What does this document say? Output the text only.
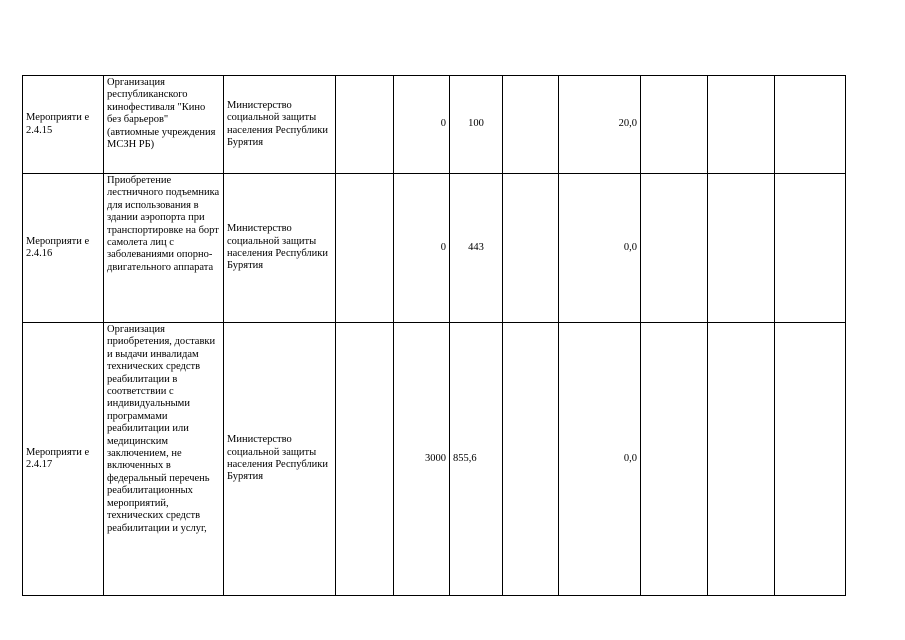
Мероприяти е 2.4.15	Организация республиканского кинофестиваля "Кино без барьеров" (автиомные учреждения МСЗН РБ)	Министерство социальной защиты населения Республики Бурятия		0	100		20,0			
Мероприяти е 2.4.16	Приобретение лестничного подъемника для использования в здании аэропорта при транспортировке на борт самолета лиц с заболеваниями опорно-двигательного аппарата	Министерство социальной защиты населения Республики Бурятия		0	443		0,0			
Мероприяти е 2.4.17	Организация приобретения, доставки и выдачи инвалидам технических средств реабилитации в соответствии с индивидуальными программами реабилитации или медицинским заключением, не включенных в федеральный перечень реабилитационных мероприятий, технических средств реабилитации и услуг,	Министерство социальной защиты населения Республики Бурятия		3000	855,6		0,0			
